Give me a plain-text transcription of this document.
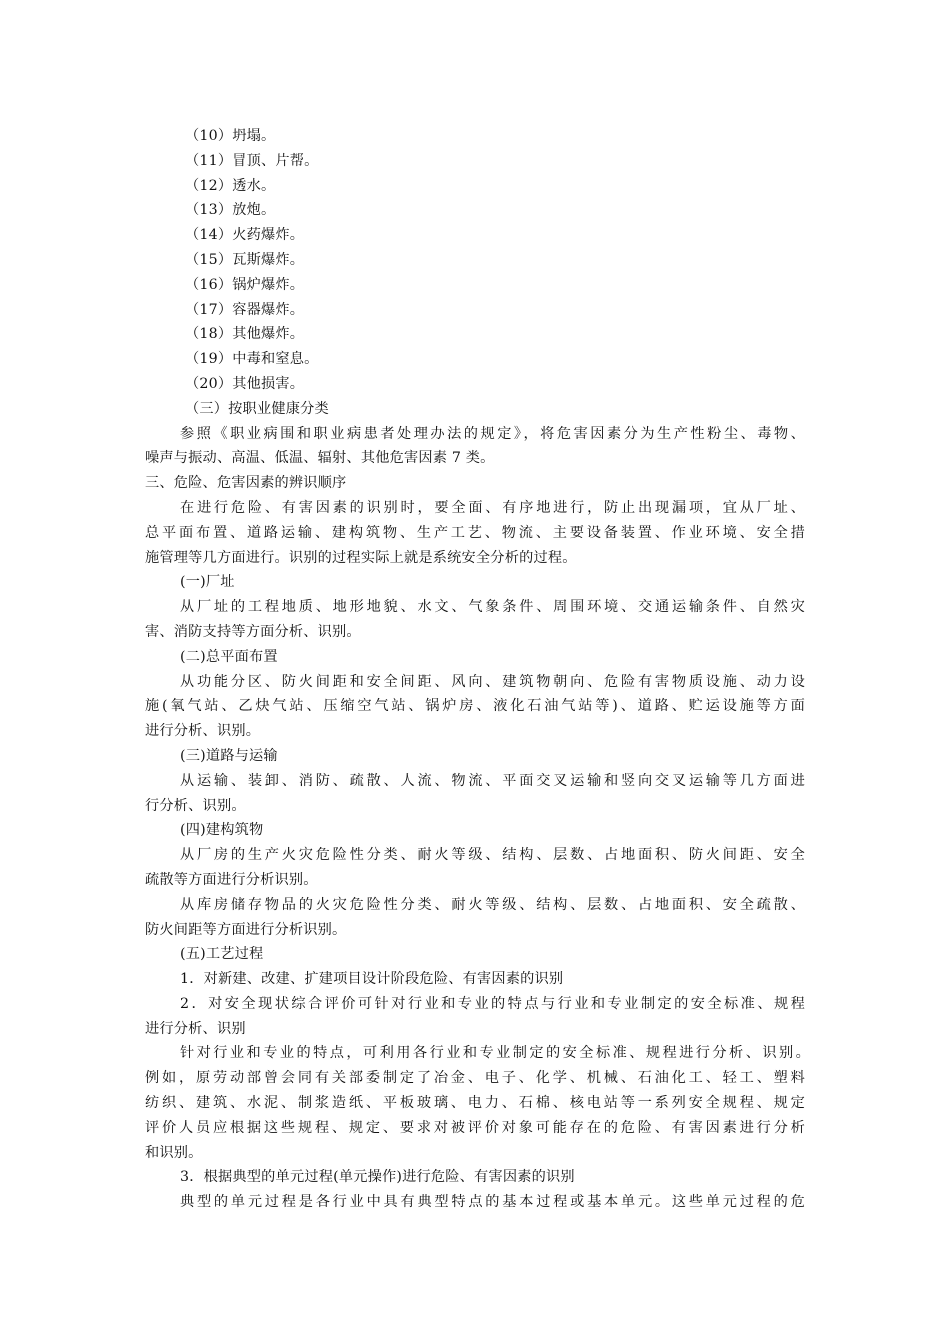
（10）坍塌。
（11）冒顶、片帮。
（12）透水。
（13）放炮。
（14）火药爆炸。
（15）瓦斯爆炸。
（16）锅炉爆炸。
（17）容器爆炸。
（18）其他爆炸。
（19）中毒和窒息。
（20）其他损害。
（三）按职业健康分类
参照《职业病围和职业病患者处理办法的规定》，将危害因素分为生产性粉尘、毒物、
噪声与振动、高温、低温、辐射、其他危害因素 7 类。
三、危险、危害因素的辨识顺序
在进行危险、有害因素的识别时，要全面、有序地进行，防止出现漏项，宜从厂址、
总平面布置、道路运输、建构筑物、生产工艺、物流、主要设备装置、作业环境、安全措
施管理等几方面进行。识别的过程实际上就是系统安全分析的过程。
(一)厂址
从厂址的工程地质、地形地貌、水文、气象条件、周围环境、交通运输条件、自然灾
害、消防支持等方面分析、识别。
(二)总平面布置
从功能分区、防火间距和安全间距、风向、建筑物朝向、危险有害物质设施、动力设
施(氧气站、乙炔气站、压缩空气站、锅炉房、液化石油气站等)、道路、贮运设施等方面
进行分析、识别。
(三)道路与运输
从运输、装卸、消防、疏散、人流、物流、平面交叉运输和竖向交叉运输等几方面进
行分析、识别。
(四)建构筑物
从厂房的生产火灾危险性分类、耐火等级、结构、层数、占地面积、防火间距、安全
疏散等方面进行分析识别。
从库房储存物品的火灾危险性分类、耐火等级、结构、层数、占地面积、安全疏散、
防火间距等方面进行分析识别。
(五)工艺过程
1．对新建、改建、扩建项目设计阶段危险、有害因素的识别
2．对安全现状综合评价可针对行业和专业的特点与行业和专业制定的安全标准、规程
进行分析、识别
针对行业和专业的特点，可利用各行业和专业制定的安全标准、规程进行分析、识别。
例如，原劳动部曾会同有关部委制定了冶金、电子、化学、机械、石油化工、轻工、塑料
纺织、建筑、水泥、制浆造纸、平板玻璃、电力、石棉、核电站等一系列安全规程、规定
评价人员应根据这些规程、规定、要求对被评价对象可能存在的危险、有害因素进行分析
和识别。
3．根据典型的单元过程(单元操作)进行危险、有害因素的识别
典型的单元过程是各行业中具有典型特点的基本过程或基本单元。这些单元过程的危
